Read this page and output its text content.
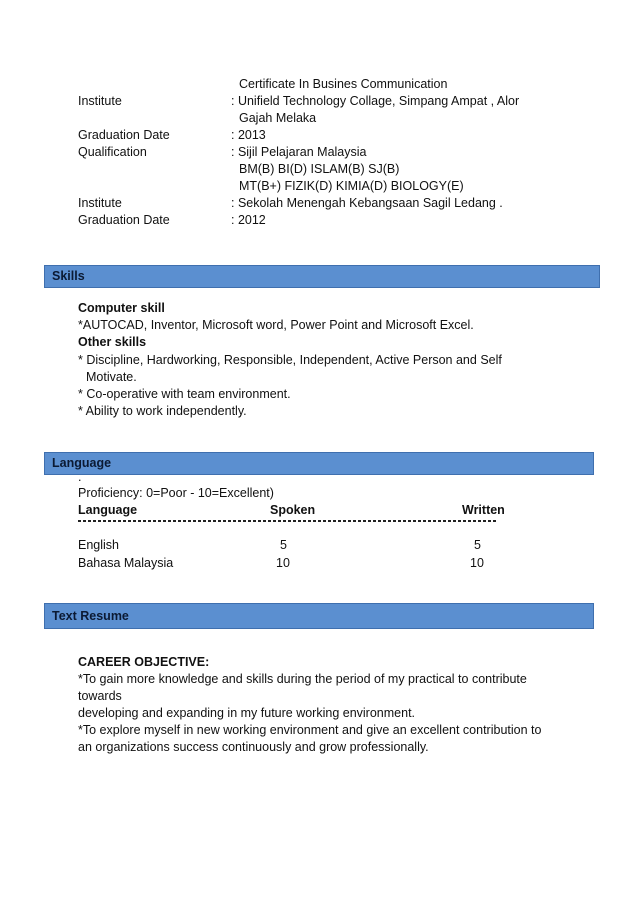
Certificate In Busines Communication
Institute	: Unifield Technology Collage, Simpang Ampat , Alor
Gajah Melaka
Graduation Date	: 2013
Qualification	: Sijil Pelajaran Malaysia
BM(B) BI(D) ISLAM(B) SJ(B)
MT(B+) FIZIK(D) KIMIA(D) BIOLOGY(E)
Institute	: Sekolah Menengah Kebangsaan Sagil Ledang .
Graduation Date	: 2012
Skills
Computer skill
*AUTOCAD, Inventor, Microsoft word, Power Point and Microsoft Excel.
Other skills
* Discipline, Hardworking, Responsible, Independent, Active Person and Self
Motivate.
* Co-operative with team environment.
* Ability to work independently.
Language
.
Proficiency: 0=Poor - 10=Excellent)
Language	Spoken	Written
English	5	5
Bahasa Malaysia	10	10
Text Resume
CAREER OBJECTIVE:
*To gain more knowledge and skills during the period of my practical to contribute
towards
developing and expanding in my future working environment.
*To explore myself in new working environment and give an excellent contribution to
an organizations success continuously and grow professionally.
